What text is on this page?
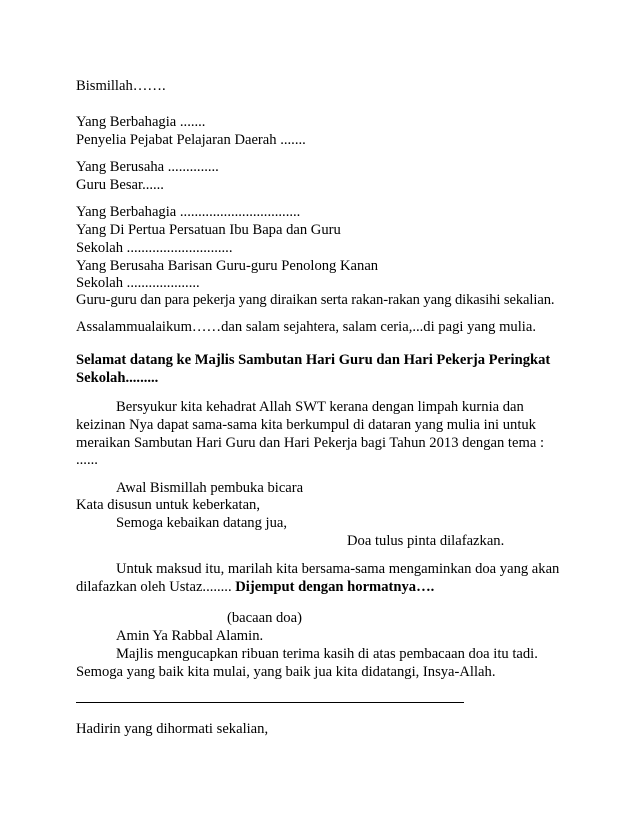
Bismillah…….
Yang Berbahagia .......
Penyelia Pejabat Pelajaran Daerah .......
Yang Berusaha ..............
Guru Besar......
Yang Berbahagia .................................
Yang Di Pertua Persatuan Ibu Bapa dan Guru
Sekolah .............................
Yang Berusaha Barisan Guru-guru Penolong Kanan
Sekolah ....................
Guru-guru dan para pekerja yang diraikan serta rakan-rakan yang dikasihi sekalian.
Assalammualaikum……dan salam sejahtera, salam ceria,...di pagi yang mulia.
Selamat datang ke Majlis Sambutan Hari Guru dan Hari Pekerja Peringkat
Sekolah.........
Bersyukur kita kehadrat Allah SWT kerana dengan limpah kurnia dan
keizinan Nya dapat sama-sama kita berkumpul di dataran yang mulia ini untuk
meraikan Sambutan Hari Guru dan Hari Pekerja bagi Tahun 2013 dengan tema :
......
Awal Bismillah pembuka bicara
Kata disusun untuk keberkatan,
Semoga kebaikan datang jua,
Doa tulus pinta dilafazkan.
Untuk maksud itu, marilah kita bersama-sama mengaminkan doa yang akan
dilafazkan oleh Ustaz........ Dijemput dengan hormatnya….
(bacaan doa)
Amin Ya Rabbal Alamin.
Majlis mengucapkan ribuan terima kasih di atas pembacaan doa itu tadi.
Semoga yang baik kita mulai, yang baik jua kita didatangi, Insya-Allah.
Hadirin yang dihormati sekalian,
